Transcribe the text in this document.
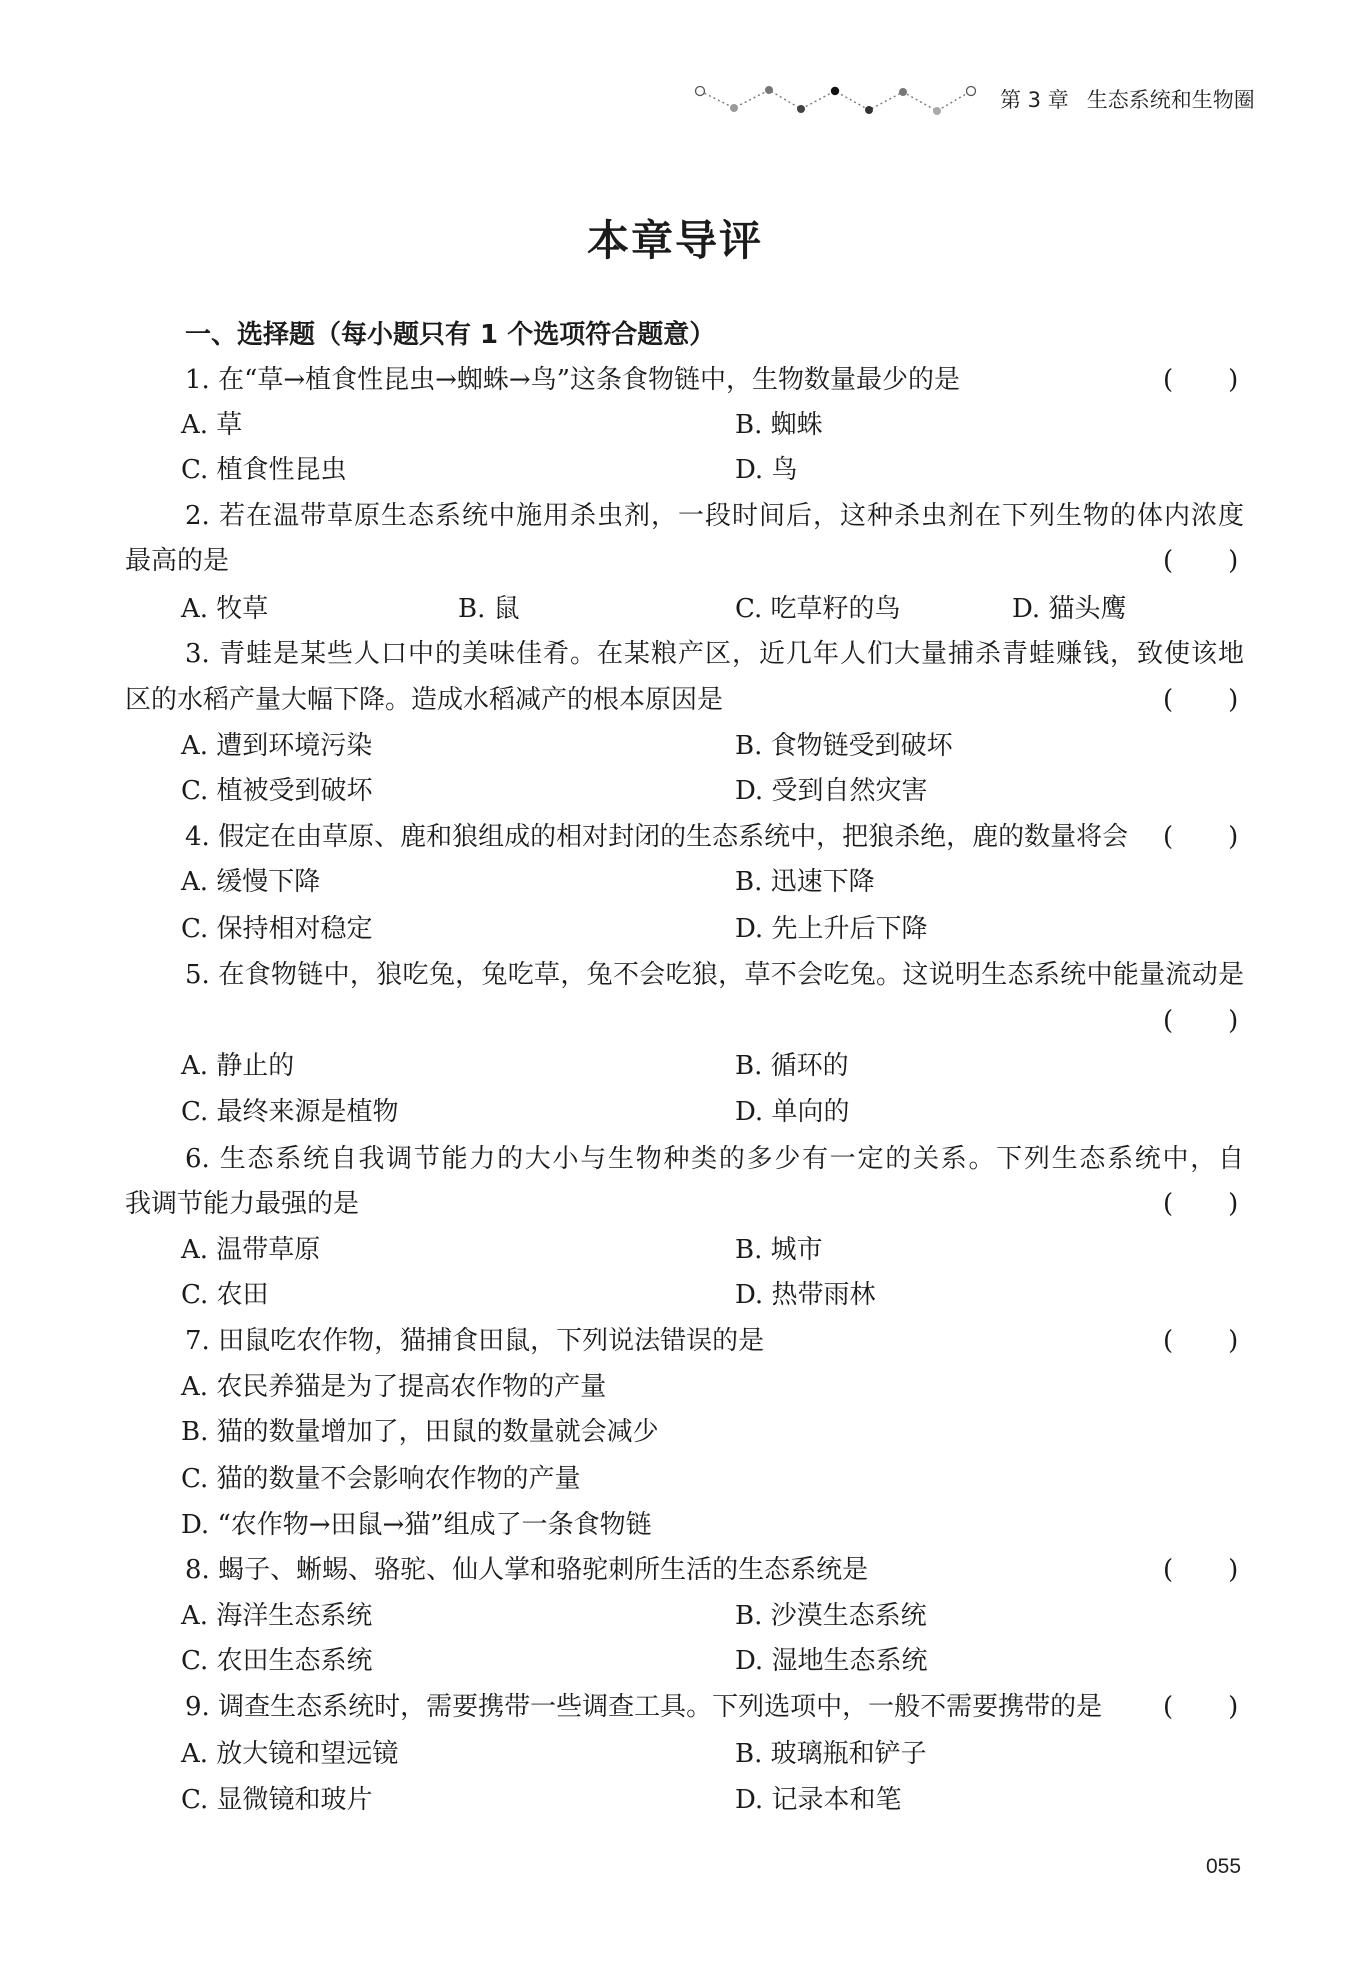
第 3 章 生态系统和生物圈
本章导评
一、选择题（每小题只有 1 个选项符合题意）
1. 在“草→植食性昆虫→蜘蛛→鸟”这条食物链中，生物数量最少的是	(　　)
A. 草	B. 蜘蛛
C. 植食性昆虫	D. 鸟
2. 若在温带草原生态系统中施用杀虫剂，一段时间后，这种杀虫剂在下列生物的体内浓度
最高的是	(　　)
A. 牧草	B. 鼠	C. 吃草籽的鸟	D. 猫头鹰
3. 青蛙是某些人口中的美味佳肴。在某粮产区，近几年人们大量捕杀青蛙赚钱，致使该地
区的水稻产量大幅下降。造成水稻减产的根本原因是	(　　)
A. 遭到环境污染	B. 食物链受到破坏
C. 植被受到破坏	D. 受到自然灾害
4. 假定在由草原、鹿和狼组成的相对封闭的生态系统中，把狼杀绝，鹿的数量将会 (　　)
A. 缓慢下降	B. 迅速下降
C. 保持相对稳定	D. 先上升后下降
5. 在食物链中，狼吃兔，兔吃草，兔不会吃狼，草不会吃兔。这说明生态系统中能量流动是
(　　)
A. 静止的	B. 循环的
C. 最终来源是植物	D. 单向的
6. 生态系统自我调节能力的大小与生物种类的多少有一定的关系。下列生态系统中，自
我调节能力最强的是	(　　)
A. 温带草原	B. 城市
C. 农田	D. 热带雨林
7. 田鼠吃农作物，猫捕食田鼠，下列说法错误的是	(　　)
A. 农民养猫是为了提高农作物的产量
B. 猫的数量增加了，田鼠的数量就会减少
C. 猫的数量不会影响农作物的产量
D. “农作物→田鼠→猫”组成了一条食物链
8. 蝎子、蜥蜴、骆驼、仙人掌和骆驼刺所生活的生态系统是	(　　)
A. 海洋生态系统	B. 沙漠生态系统
C. 农田生态系统	D. 湿地生态系统
9. 调查生态系统时，需要携带一些调查工具。下列选项中，一般不需要携带的是 (　　)
A. 放大镜和望远镜	B. 玻璃瓶和铲子
C. 显微镜和玻片	D. 记录本和笔
055
